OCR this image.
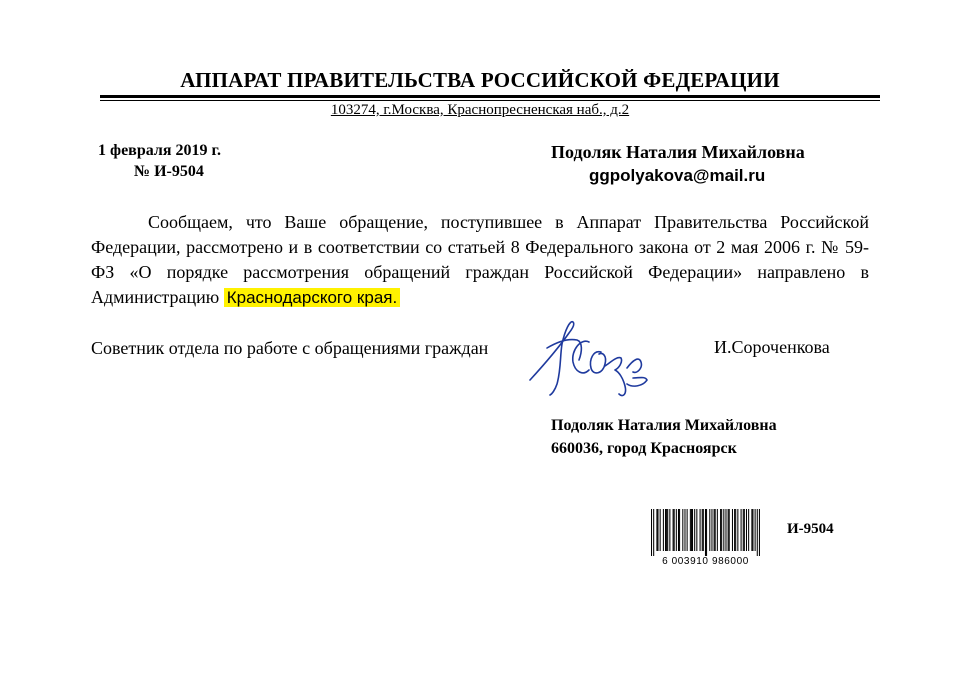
АППАРАТ ПРАВИТЕЛЬСТВА РОССИЙСКОЙ ФЕДЕРАЦИИ
103274, г.Москва, Краснопресненская наб., д.2
1 февраля 2019 г.
№ И-9504
Подоляк Наталия Михайловна
ggpolyakova@mail.ru
Сообщаем, что Ваше обращение, поступившее в Аппарат Правительства Российской Федерации, рассмотрено и в соответствии со статьей 8 Федерального закона от 2 мая 2006 г. № 59-ФЗ «О порядке рассмотрения обращений граждан Российской Федерации» направлено в Администрацию Краснодарского края.
Советник отдела по работе с обращениями граждан	И.Сороченкова
Подоляк Наталия Михайловна
660036, город Красноярск
6 003910 986000
И-9504
